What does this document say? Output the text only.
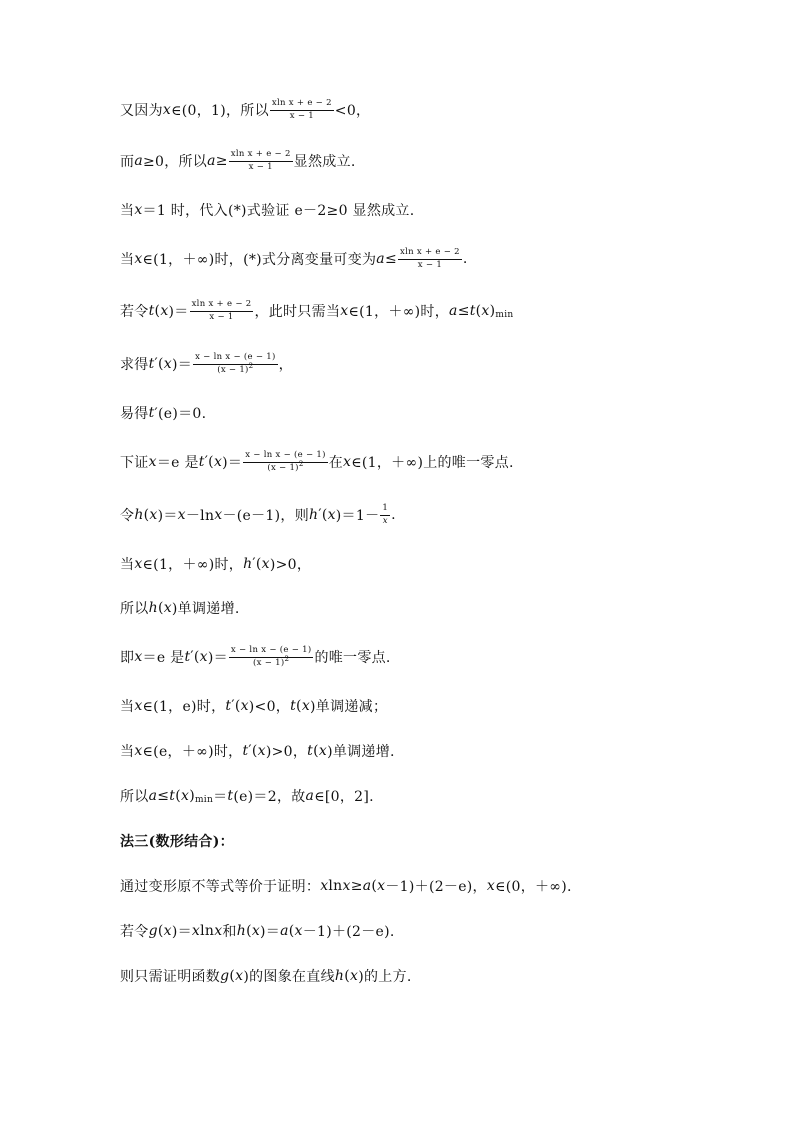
又因为 x ∈(0，1)，所以 $\frac{\text{xln x + e − 2}}{x - 1} <0$，
而 a ≥0，所以 $a \ge \frac{\text{xln x + e − 2}}{x - 1}$ 显然成立.
当 x ＝1 时，代入(*)式验证 e－2≥0 显然成立.
当 x ∈(1，＋∞)时，(*)式分离变量可变为 $a \le \frac{\text{xln x + e − 2}}{x - 1}$ .
若令 t ( x )＝ $\frac{\text{xln x + e − 2}}{x - 1}$ ，此时只需当 x ∈(1，＋∞)时， a ≤ t ( x ) min
求得 t ′( x )＝ $\frac{\text{x − ln x − (e − 1)}}{(x - 1)^2}$ ，
易得 t ′(e)＝0.
下证 x ＝e 是 t ′( x )＝ $\frac{\text{x − ln x − (e − 1)}}{(x - 1)^2}$ 在 x ∈(1，＋∞)上的唯一零点.
令 h ( x )＝ x －ln x －(e－1)，则 h ′( x )$=1- \frac{1}{x}$ .
当 x ∈(1，＋∞)时， h ′( x )>0，
所以 h ( x )单调递增.
即 x ＝e 是 t ′( x )＝ $\frac{\text{x − ln x − (e − 1)}}{(x - 1)^2}$ 的唯一零点.
当 x ∈(1，e)时， t ′( x )<0， t ( x )单调递减；
当 x ∈(e，＋∞)时， t ′( x )>0， t ( x )单调递增.
所以 a ≤ t ( x ) min ＝ t (e)＝2，故 a ∈[0，2].
法三(数形结合)：
通过变形原不等式等价于证明： x ln x ≥ a ( x －1)＋(2－e)， x ∈(0，＋∞).
若令 g ( x )＝ x ln x 和 h ( x )＝ a ( x －1)＋(2－e).
则只需证明函数 g ( x )的图象在直线 h ( x )的上方.
